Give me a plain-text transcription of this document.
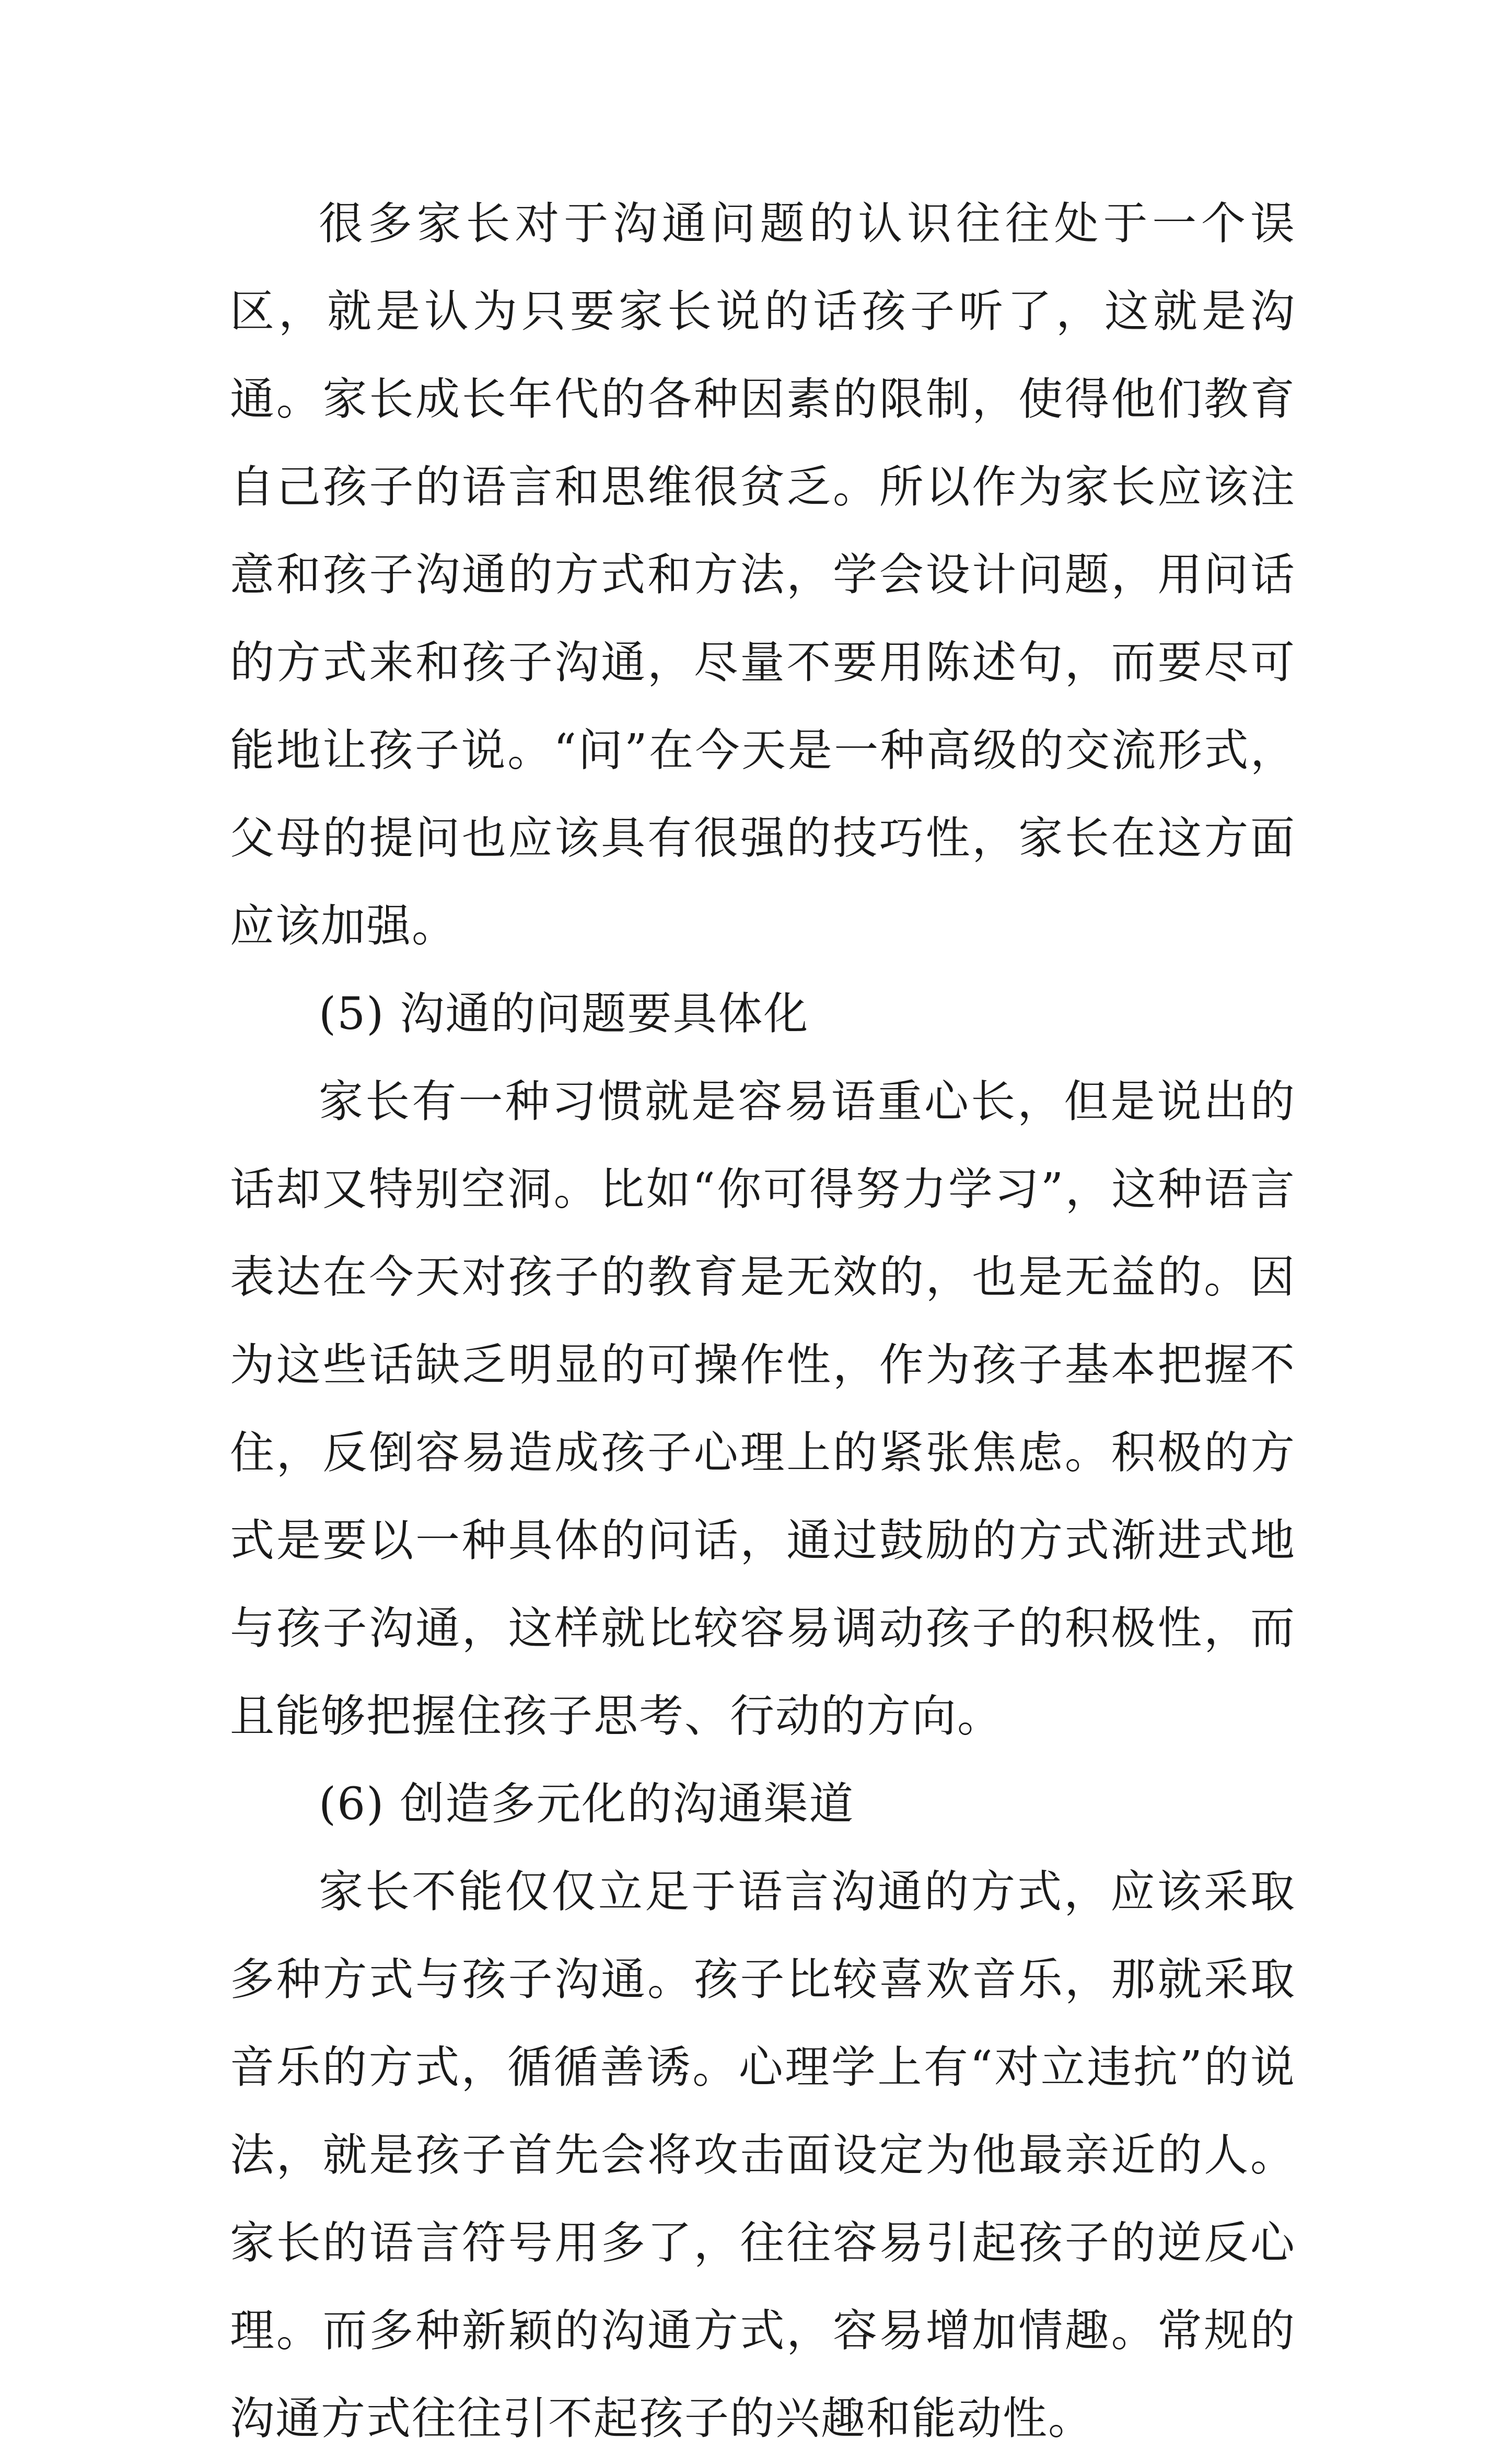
很多家长对于沟通问题的认识往往处于一个误区，就是认为只要家长说的话孩子听了，这就是沟通。家长成长年代的各种因素的限制，使得他们教育自己孩子的语言和思维很贫乏。所以作为家长应该注意和孩子沟通的方式和方法，学会设计问题，用问话的方式来和孩子沟通，尽量不要用陈述句，而要尽可能地让孩子说。“问”在今天是一种高级的交流形式，父母的提问也应该具有很强的技巧性，家长在这方面应该加强。

(5) 沟通的问题要具体化

家长有一种习惯就是容易语重心长，但是说出的话却又特别空洞。比如“你可得努力学习”，这种语言表达在今天对孩子的教育是无效的，也是无益的。因为这些话缺乏明显的可操作性，作为孩子基本把握不住，反倒容易造成孩子心理上的紧张焦虑。积极的方式是要以一种具体的问话，通过鼓励的方式渐进式地与孩子沟通，这样就比较容易调动孩子的积极性，而且能够把握住孩子思考、行动的方向。

(6) 创造多元化的沟通渠道

家长不能仅仅立足于语言沟通的方式，应该采取多种方式与孩子沟通。孩子比较喜欢音乐，那就采取音乐的方式，循循善诱。心理学上有“对立违抗”的说法，就是孩子首先会将攻击面设定为他最亲近的人。家长的语言符号用多了，往往容易引起孩子的逆反心理。而多种新颖的沟通方式，容易增加情趣。常规的沟通方式往往引不起孩子的兴趣和能动性。
